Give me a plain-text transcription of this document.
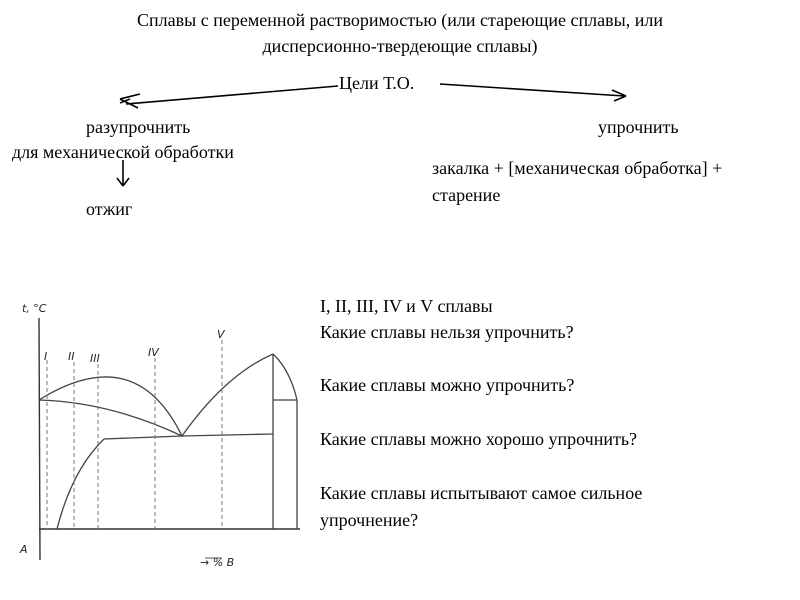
Сплавы с переменной растворимостью (или стареющие сплавы, или
дисперсионно-твердеющие сплавы)
Цели Т.О.
разупрочнить
для механической обработки
отжиг
упрочнить
закалка + [механическая обработка] +
старение
I, II, III, IV и V сплавы
Какие сплавы нельзя упрочнить?
Какие сплавы можно упрочнить?
Какие сплавы можно хорошо упрочнить?
Какие сплавы испытывают самое сильное
упрочнение?
t, °C
A
→ % B
I II III	IV
V
